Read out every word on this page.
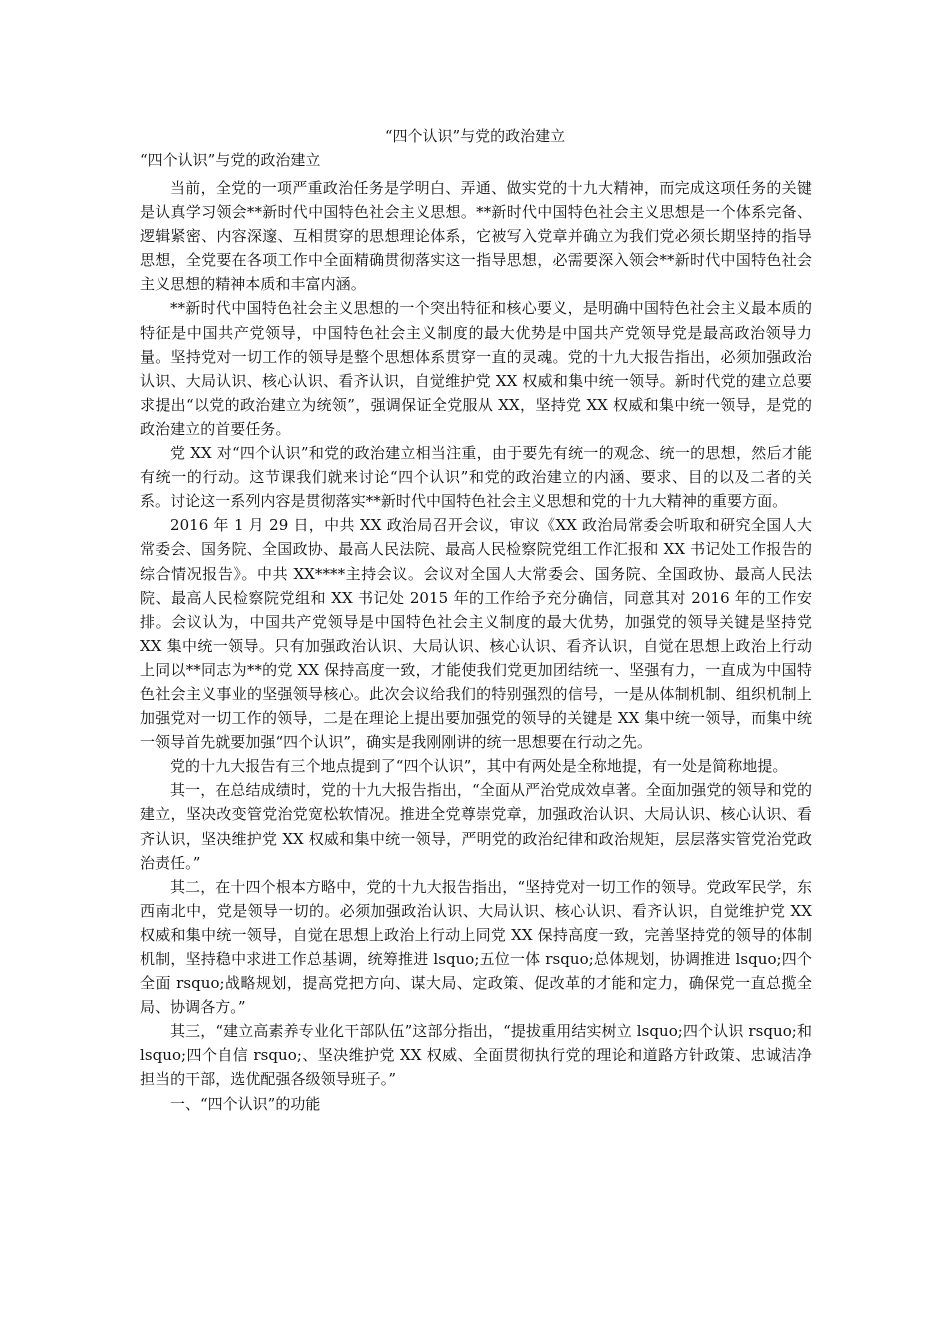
“四个认识”与党的政治建立
“四个认识”与党的政治建立

当前，全党的一项严重政治任务是学明白、弄通、做实党的十九大精神，而完成这项任务的关键是认真学习领会**新时代中国特色社会主义思想。**新时代中国特色社会主义思想是一个体系完备、逻辑紧密、内容深邃、互相贯穿的思想理论体系，它被写入党章并确立为我们党必须长期坚持的指导思想，全党要在各项工作中全面精确贯彻落实这一指导思想，必需要深入领会**新时代中国特色社会主义思想的精神本质和丰富内涵。

**新时代中国特色社会主义思想的一个突出特征和核心要义，是明确中国特色社会主义最本质的特征是中国共产党领导，中国特色社会主义制度的最大优势是中国共产党领导党是最高政治领导力量。坚持党对一切工作的领导是整个思想体系贯穿一直的灵魂。党的十九大报告指出，必须加强政治认识、大局认识、核心认识、看齐认识，自觉维护党 XX 权威和集中统一领导。新时代党的建立总要求提出“以党的政治建立为统领”，强调保证全党服从 XX，坚持党 XX 权威和集中统一领导，是党的政治建立的首要任务。

党 XX 对“四个认识”和党的政治建立相当注重，由于要先有统一的观念、统一的思想，然后才能有统一的行动。这节课我们就来讨论“四个认识”和党的政治建立的内涵、要求、目的以及二者的关系。讨论这一系列内容是贯彻落实**新时代中国特色社会主义思想和党的十九大精神的重要方面。

2016 年 1 月 29 日，中共 XX 政治局召开会议，审议《XX 政治局常委会听取和研究全国人大常委会、国务院、全国政协、最高人民法院、最高人民检察院党组工作汇报和 XX 书记处工作报告的综合情况报告》。中共 XX****主持会议。会议对全国人大常委会、国务院、全国政协、最高人民法院、最高人民检察院党组和 XX 书记处 2015 年的工作给予充分确信，同意其对 2016 年的工作安排。会议认为，中国共产党领导是中国特色社会主义制度的最大优势，加强党的领导关键是坚持党 XX 集中统一领导。只有加强政治认识、大局认识、核心认识、看齐认识，自觉在思想上政治上行动上同以**同志为**的党 XX 保持高度一致，才能使我们党更加团结统一、坚强有力，一直成为中国特色社会主义事业的坚强领导核心。此次会议给我们的特别强烈的信号，一是从体制机制、组织机制上加强党对一切工作的领导，二是在理论上提出要加强党的领导的关键是 XX 集中统一领导，而集中统一领导首先就要加强“四个认识”，确实是我刚刚讲的统一思想要在行动之先。

党的十九大报告有三个地点提到了“四个认识”，其中有两处是全称地提，有一处是简称地提。

其一，在总结成绩时，党的十九大报告指出，“全面从严治党成效卓著。全面加强党的领导和党的建立，坚决改变管党治党宽松软情况。推进全党尊崇党章，加强政治认识、大局认识、核心认识、看齐认识，坚决维护党 XX 权威和集中统一领导，严明党的政治纪律和政治规矩，层层落实管党治党政治责任。”

其二，在十四个根本方略中，党的十九大报告指出，“坚持党对一切工作的领导。党政军民学，东西南北中，党是领导一切的。必须加强政治认识、大局认识、核心认识、看齐认识，自觉维护党 XX 权威和集中统一领导，自觉在思想上政治上行动上同党 XX 保持高度一致，完善坚持党的领导的体制机制，坚持稳中求进工作总基调，统筹推进 lsquo;五位一体 rsquo;总体规划，协调推进 lsquo;四个全面 rsquo;战略规划，提高党把方向、谋大局、定政策、促改革的才能和定力，确保党一直总揽全局、协调各方。”

其三，“建立高素养专业化干部队伍”这部分指出，“提拔重用结实树立 lsquo;四个认识 rsquo;和 lsquo;四个自信 rsquo;、坚决维护党 XX 权威、全面贯彻执行党的理论和道路方针政策、忠诚洁净担当的干部，选优配强各级领导班子。”

一、“四个认识”的功能
